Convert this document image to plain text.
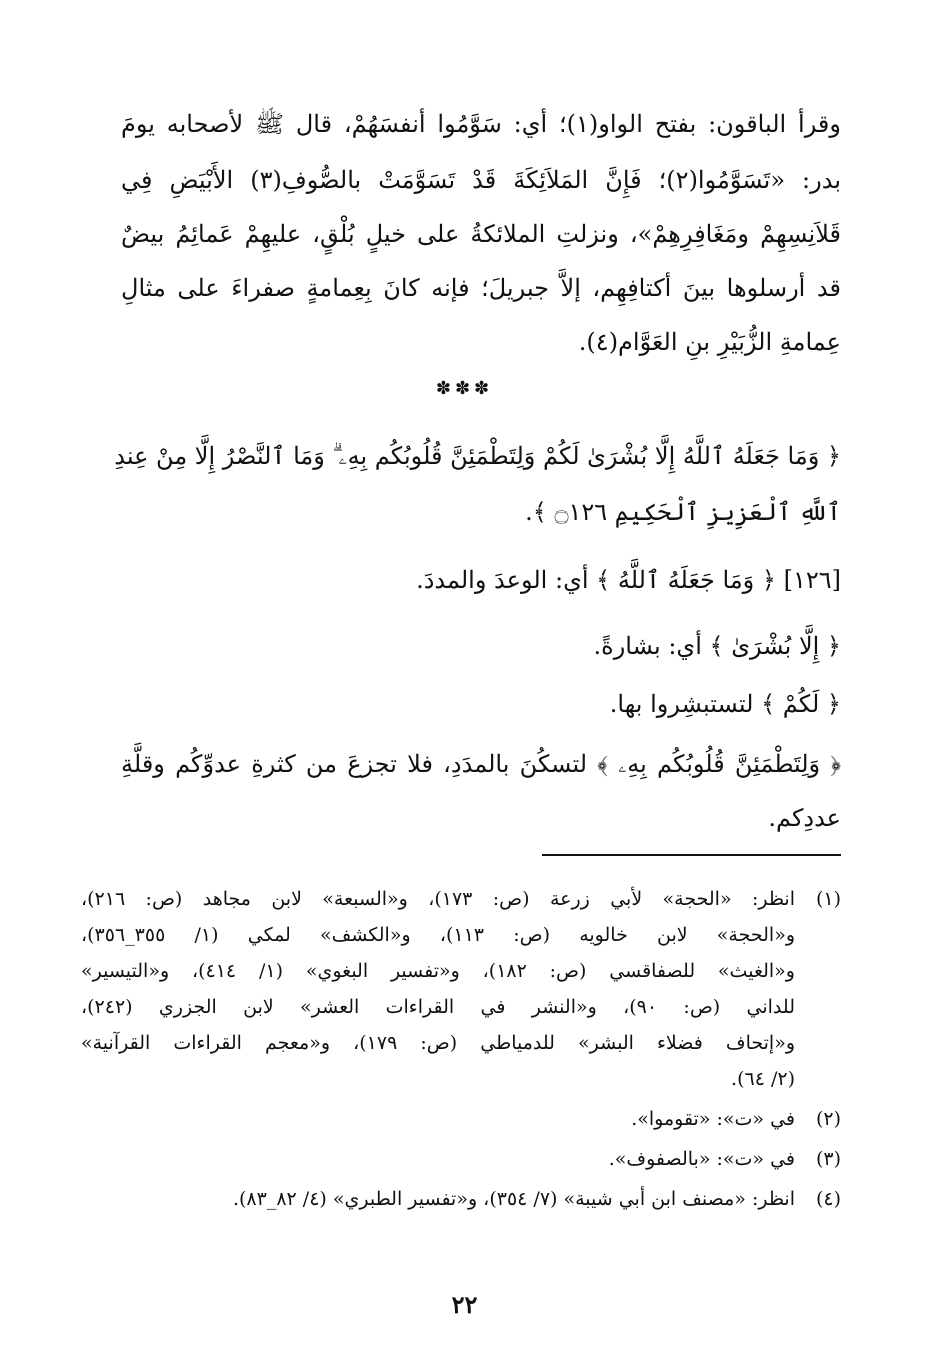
وقرأ الباقون: بفتح الواو(١)؛ أي: سَوَّمُوا أنفسَهُمْ، قال ﷺ لأصحابه يومَ
بدر: «تَسَوَّمُوا(٢)؛ فَإِنَّ المَلاَئِكَةَ قَدْ تَسَوَّمَتْ بالصُّوفِ(٣) الأَبْيَضِ فِي
قَلاَنِسِهِمْ ومَغَافِرِهِمْ»، ونزلتِ الملائكةُ على خيلٍ بُلْقٍ، عليهِمْ عَمائِمُ بيضٌ
قد أرسلوها بينَ أكتافِهِم، إلاَّ جبريلَ؛ فإنه كانَ بِعِمامةٍ صفراءَ على مثالِ
عِمامةِ الزُّبَيْرِ بنِ العَوَّام(٤).
✽✽✽
﴿ وَمَا جَعَلَهُ ٱللَّهُ إِلَّا بُشْرَىٰ لَكُمْ وَلِتَطْمَئِنَّ قُلُوبُكُم بِهِۦ ۗ وَمَا ٱلنَّصْرُ إِلَّا مِنْ عِندِ
ٱللَّهِ ٱلْعَزِيزِ ٱلْحَكِيمِ ۝١٢٦ ﴾.
[١٢٦] ﴿ وَمَا جَعَلَهُ ٱللَّهُ ﴾ أي: الوعدَ والمددَ.
﴿ إِلَّا بُشْرَىٰ ﴾ أي: بشارةً.
﴿ لَكُمْ ﴾ لتستبشِروا بها.
﴿ وَلِتَطْمَئِنَّ قُلُوبُكُم بِهِۦ ﴾ لتسكُنَ بالمدَدِ، فلا تجزعَ من كثرةِ عدوِّكُم وقلَّةِ
عددِكم.
(١)انظر: «الحجة» لأبي زرعة (ص: ١٧٣)، و«السبعة» لابن مجاهد (ص: ٢١٦)،
و«الحجة» لابن خالويه (ص: ١١٣)، و«الكشف» لمكي (١/ ٣٥٥_٣٥٦)،
و«الغيث» للصفاقسي (ص: ١٨٢)، و«تفسير البغوي» (١/ ٤١٤)، و«التيسير»
للداني (ص: ٩٠)، و«النشر في القراءات العشر» لابن الجزري (٢٤٢)،
و«إتحاف فضلاء البشر» للدمياطي (ص: ١٧٩)، و«معجم القراءات القرآنية»
(٢/ ٦٤).
(٢)في «ت»: «تقوموا».
(٣)في «ت»: «بالصفوف».
(٤)انظر: «مصنف ابن أبي شيبة» (٧/ ٣٥٤)، و«تفسير الطبري» (٤/ ٨٢_٨٣).
٢٢
